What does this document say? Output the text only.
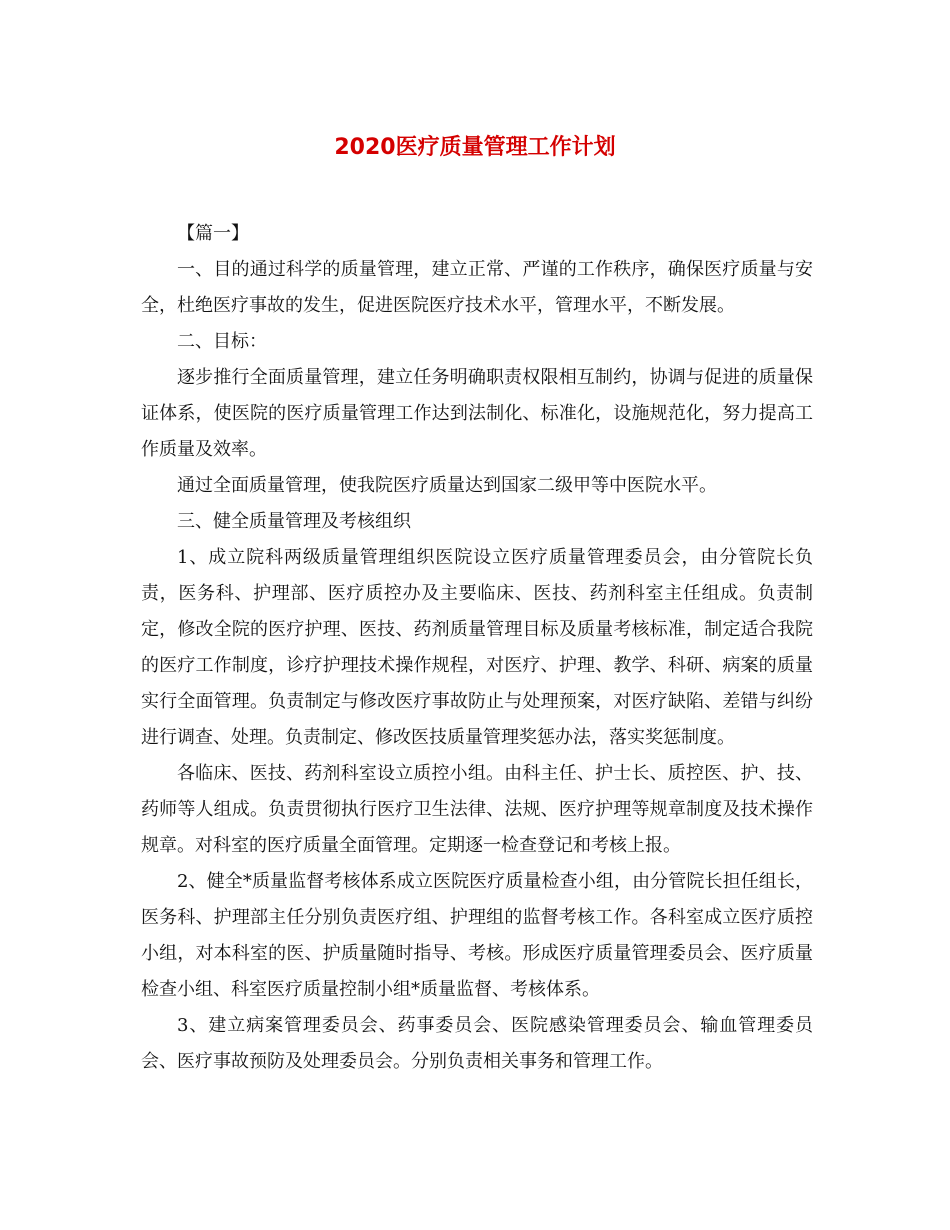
2020医疗质量管理工作计划

【篇一】

一、目的通过科学的质量管理，建立正常、严谨的工作秩序，确保医疗质量与安全，杜绝医疗事故的发生，促进医院医疗技术水平，管理水平，不断发展。

二、目标：

逐步推行全面质量管理，建立任务明确职责权限相互制约，协调与促进的质量保证体系，使医院的医疗质量管理工作达到法制化、标准化，设施规范化，努力提高工作质量及效率。

通过全面质量管理，使我院医疗质量达到国家二级甲等中医院水平。

三、健全质量管理及考核组织

1、成立院科两级质量管理组织医院设立医疗质量管理委员会，由分管院长负责，医务科、护理部、医疗质控办及主要临床、医技、药剂科室主任组成。负责制定，修改全院的医疗护理、医技、药剂质量管理目标及质量考核标准，制定适合我院的医疗工作制度，诊疗护理技术操作规程，对医疗、护理、教学、科研、病案的质量实行全面管理。负责制定与修改医疗事故防止与处理预案，对医疗缺陷、差错与纠纷进行调查、处理。负责制定、修改医技质量管理奖惩办法，落实奖惩制度。

各临床、医技、药剂科室设立质控小组。由科主任、护士长、质控医、护、技、药师等人组成。负责贯彻执行医疗卫生法律、法规、医疗护理等规章制度及技术操作规章。对科室的医疗质量全面管理。定期逐一检查登记和考核上报。

2、健全*质量监督考核体系成立医院医疗质量检查小组，由分管院长担任组长，医务科、护理部主任分别负责医疗组、护理组的监督考核工作。各科室成立医疗质控小组，对本科室的医、护质量随时指导、考核。形成医疗质量管理委员会、医疗质量检查小组、科室医疗质量控制小组*质量监督、考核体系。

3、建立病案管理委员会、药事委员会、医院感染管理委员会、输血管理委员会、医疗事故预防及处理委员会。分别负责相关事务和管理工作。
